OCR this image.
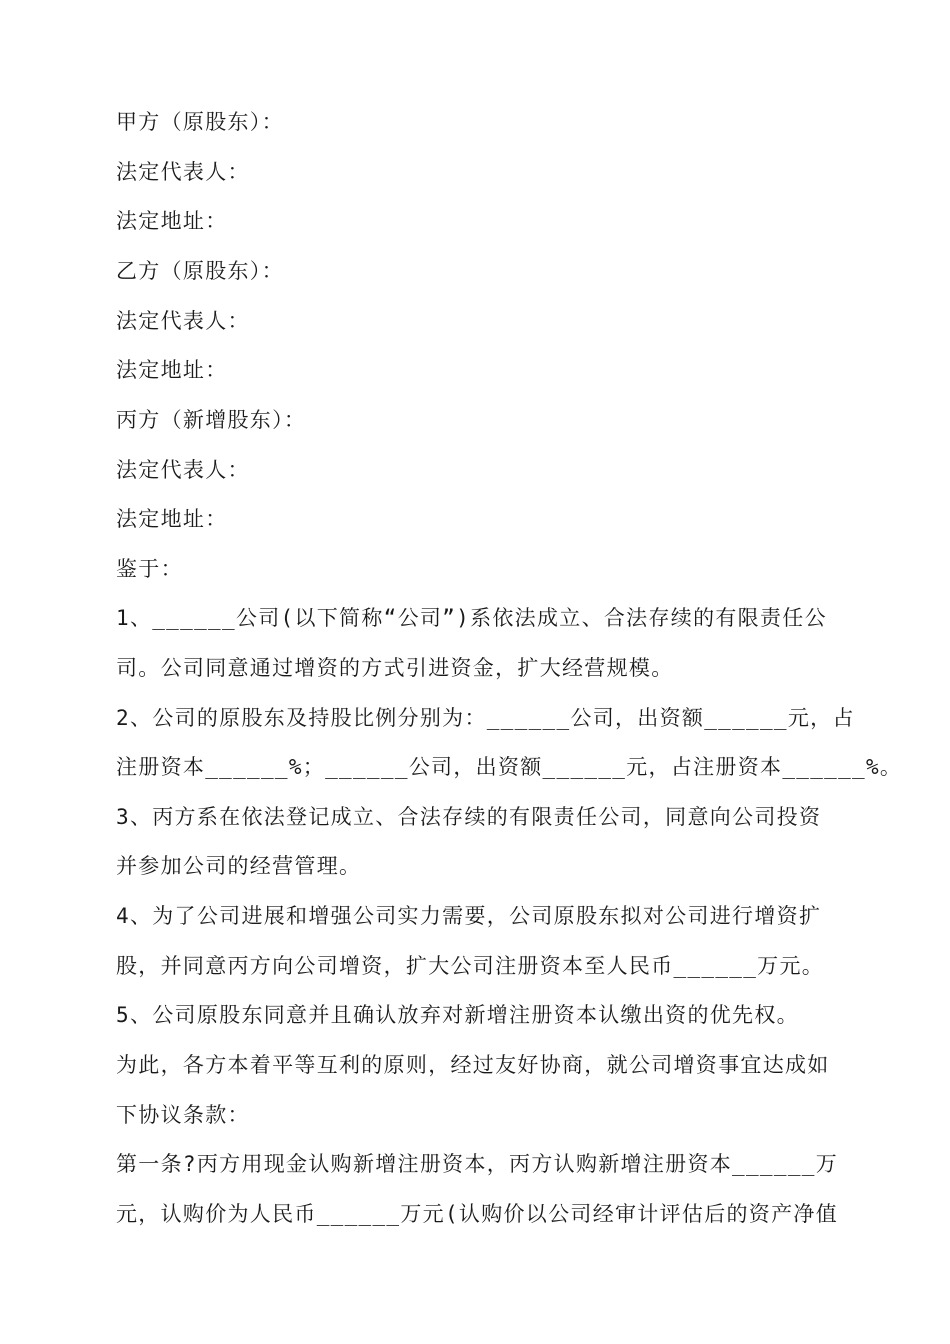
甲方（原股东）：
法定代表人：
法定地址：
乙方（原股东）：
法定代表人：
法定地址：
丙方（新增股东）：
法定代表人：
法定地址：
鉴于：
1、______公司(以下简称“公司”)系依法成立、合法存续的有限责任公
司。公司同意通过增资的方式引进资金，扩大经营规模。
2、公司的原股东及持股比例分别为：______公司，出资额______元，占
注册资本______%；______公司，出资额______元，占注册资本______%。
3、丙方系在依法登记成立、合法存续的有限责任公司，同意向公司投资
并参加公司的经营管理。
4、为了公司进展和增强公司实力需要，公司原股东拟对公司进行增资扩
股，并同意丙方向公司增资，扩大公司注册资本至人民币______万元。
5、公司原股东同意并且确认放弃对新增注册资本认缴出资的优先权。
为此，各方本着平等互利的原则，经过友好协商，就公司增资事宜达成如
下协议条款：
第一条?丙方用现金认购新增注册资本，丙方认购新增注册资本______万
元，认购价为人民币______万元(认购价以公司经审计评估后的资产净值
